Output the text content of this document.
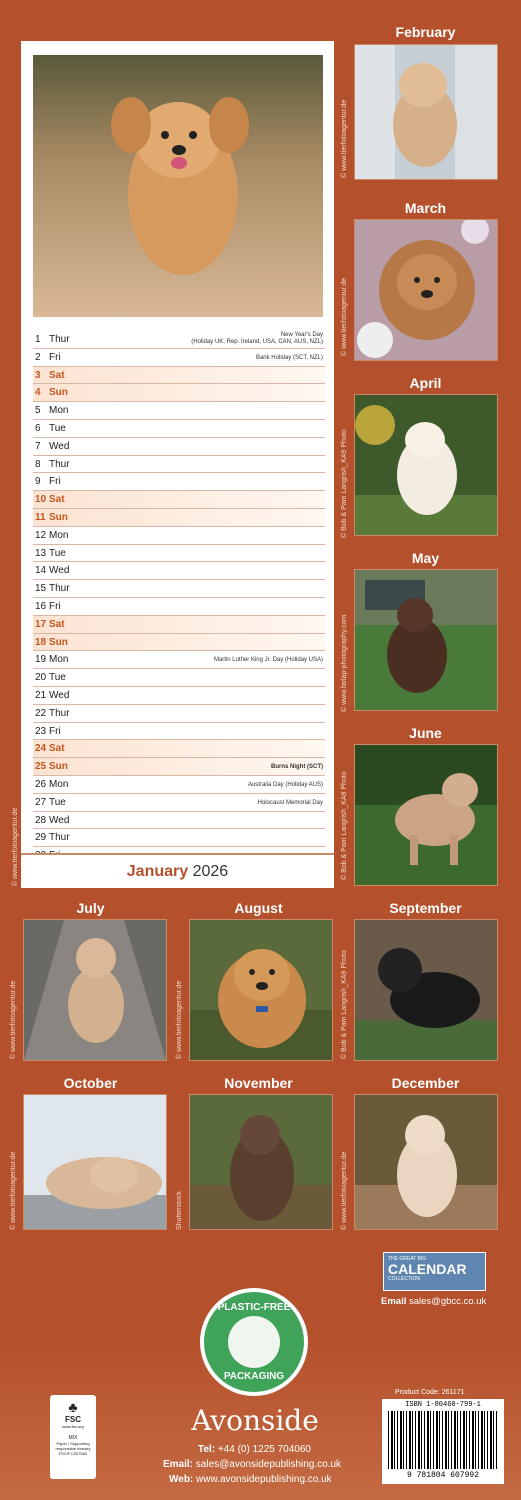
1 Thur	New Year's Day
(Holiday UK, Rep. Ireland, USA, CAN, AUS, NZL)
2 Fri	Bank Holiday (SCT, NZL)
3 Sat
4 Sun
5 Mon
6 Tue
7 Wed
8 Thur
9 Fri
10 Sat
11 Sun
12 Mon
13 Tue
14 Wed
15 Thur
16 Fri
17 Sat
18 Sun
19 Mon	Martin Luther King Jr. Day (Holiday USA)
20 Tue
21 Wed
22 Thur
23 Fri
24 Sat
25 Sun	Burns Night (SCT)
26 Mon	Australia Day (Holiday AUS)
27 Tue	Holocaust Memorial Day
28 Wed
29 Thur
January 2026
© www.tierfotoagentur.de
February
© www.tierfotoagentur.de
March
© www.tierfotoagentur.de
April
© Bob & Pam Langrish_KA9 Photo
May
© www.farlap-photography.com
June
© Bob & Pam Langrish_KA9 Photo
July
© www.tierfotoagentur.de
August
© www.tierfotoagentur.de
September
© Bob & Pam Langrish_KA9 Photo
October
© www.tierfotoagentur.de
November
Shutterstock
December
© www.tierfotoagentur.de
THE GREAT BIG
CALENDAR
COLLECTION
Email sales@gbcc.co.uk
PLASTIC-FREE
PACKAGING
♣
FSC
www.fsc.org
MIX
Paper | Supporting responsible forestry
FSC® C007683
Avonside
Tel: +44 (0) 1225 704060
Email: sales@avonsidepublishing.co.uk
Web: www.avonsidepublishing.co.uk
Product Code: 261171
ISBN 1-80460-799-1
9 781804 607992
